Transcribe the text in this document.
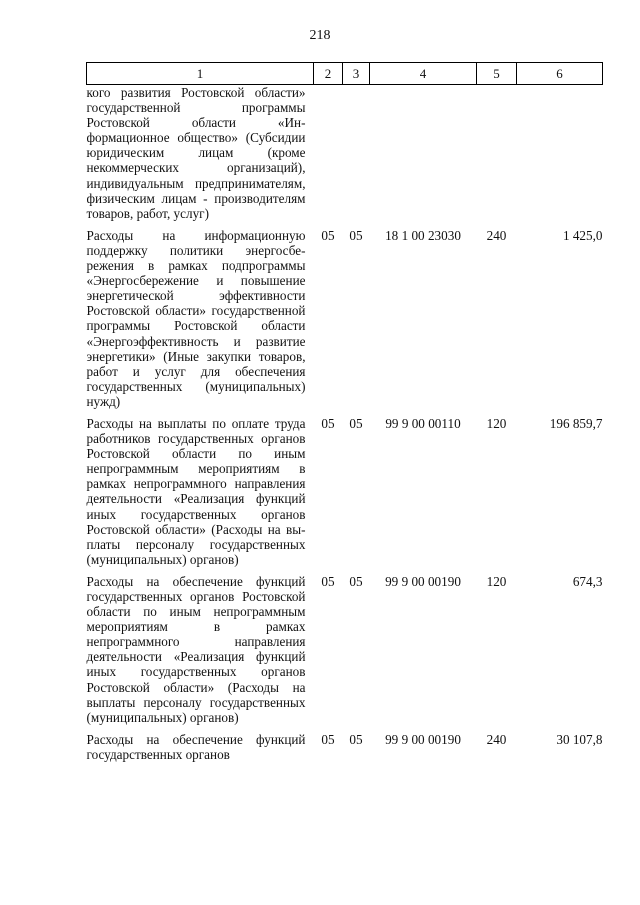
218
1	2	3	4	5	6
кого развития Ростовской области» государственной программы Ростовской области «Информационное общество» (Субсидии юридическим лицам (кроме некоммерческих организаций), индивидуальным предпринимателям, физическим лицам - производителям товаров, работ, услуг)					
Расходы на информационную поддержку политики энергосбережения в рамках подпрограммы «Энергосбережение и повышение энергетической эффективности Ростовской области» государственной программы Ростовской области «Энергоэффективность и развитие энергетики» (Иные закупки товаров, работ и услуг для обеспечения государственных (муниципальных) нужд)	05	05	18 1 00 23030	240	1 425,0
Расходы на выплаты по оплате труда работников государственных органов Ростовской области по иным непрограммным мероприятиям в рамках непрограммного направления деятельности «Реализация функций иных государственных органов Ростовской области» (Расходы на выплаты персоналу государственных (муниципальных) органов)	05	05	99 9 00 00110	120	196 859,7
Расходы на обеспечение функций государственных органов Ростовской области по иным непрограммным мероприятиям в рамках непрограммного направления деятельности «Реализация функций иных государственных органов Ростовской области» (Расходы на выплаты персоналу государственных (муниципальных) органов)	05	05	99 9 00 00190	120	674,3
Расходы на обеспечение функций государственных органов	05	05	99 9 00 00190	240	30 107,8
